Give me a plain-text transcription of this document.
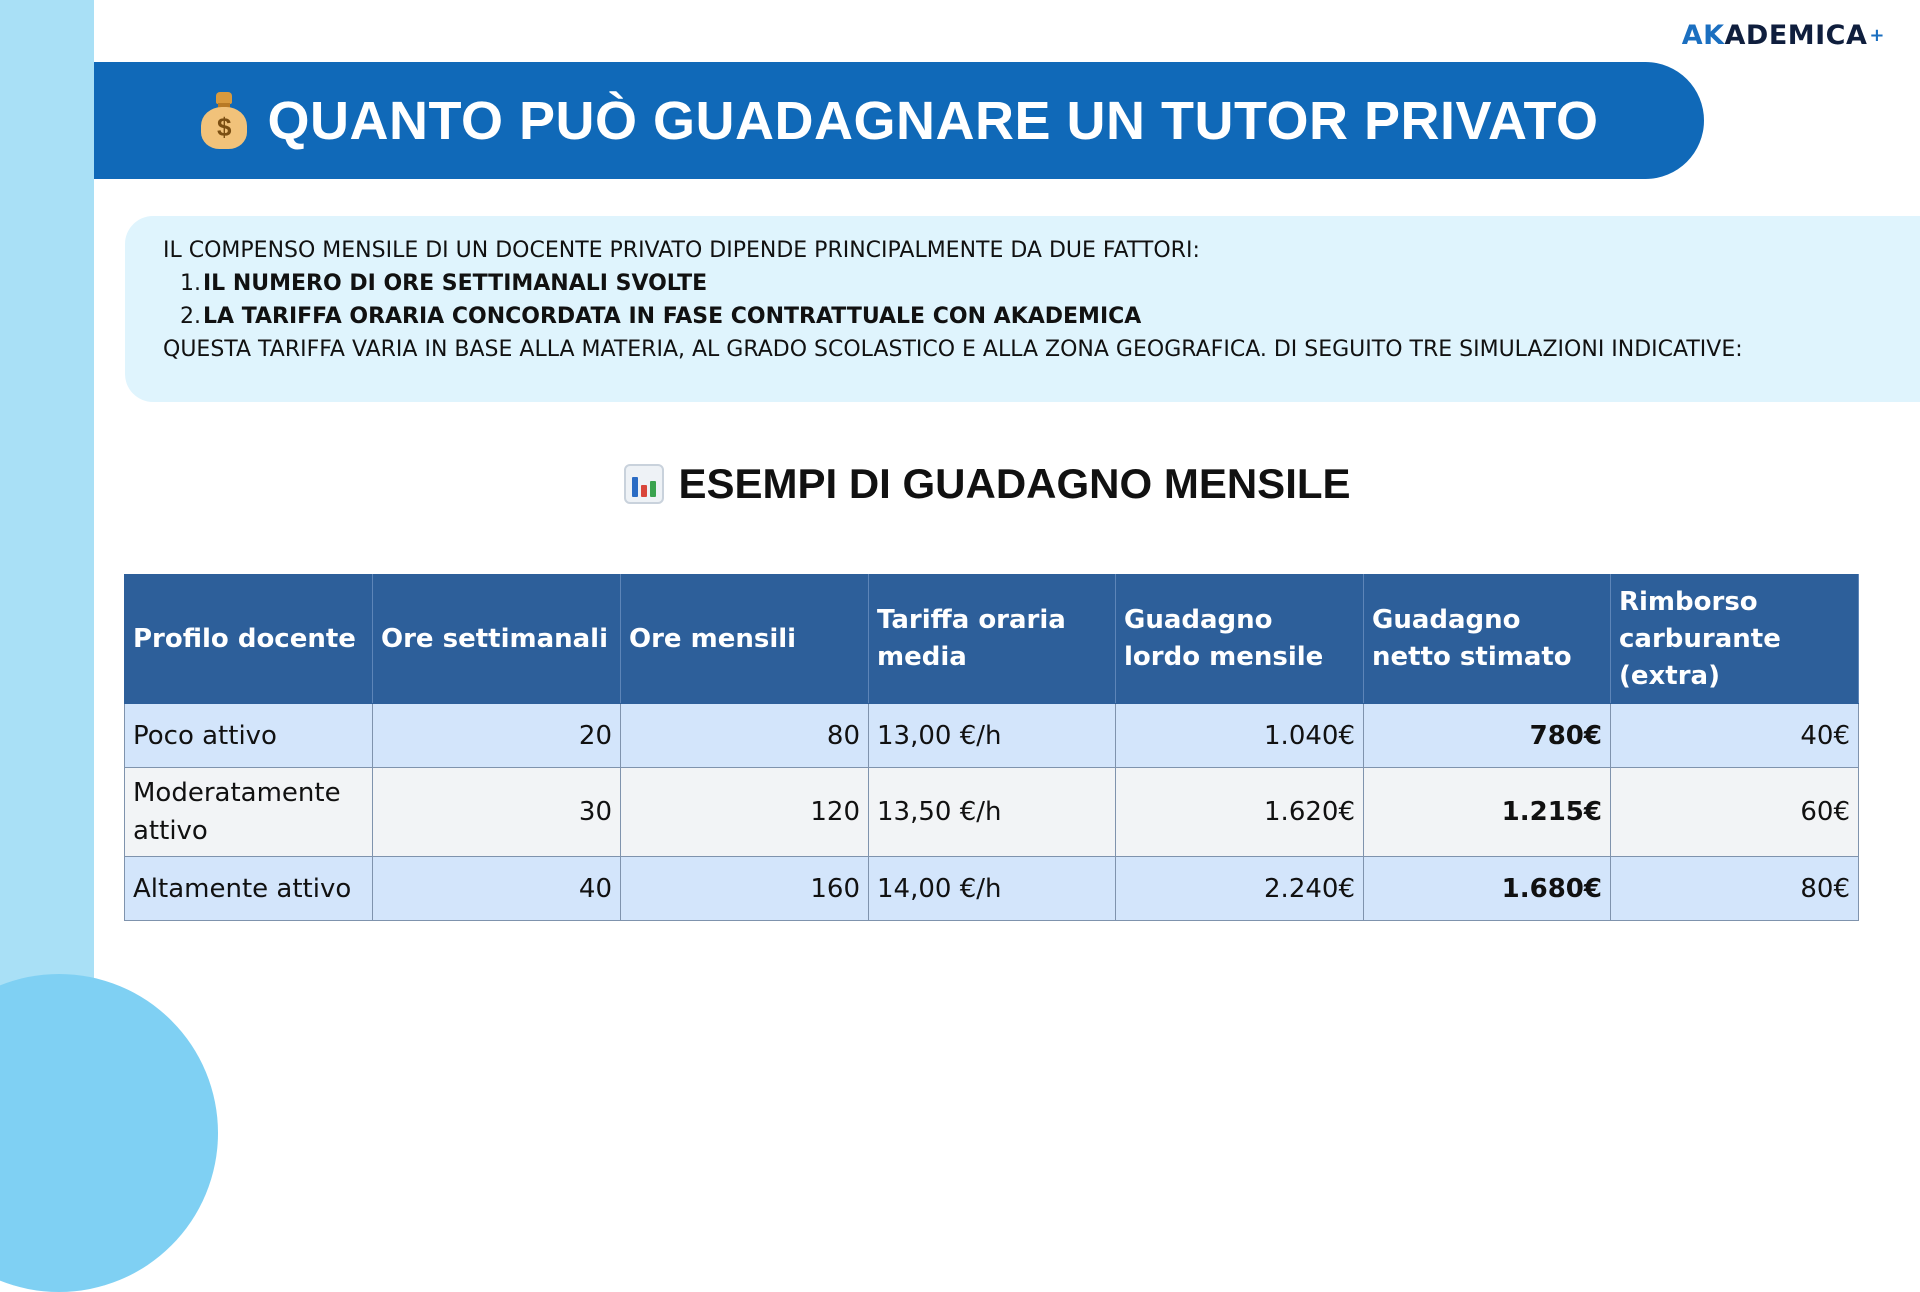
AKADEMICA +
$ QUANTO PUÒ GUADAGNARE UN TUTOR PRIVATO
IL COMPENSO MENSILE DI UN DOCENTE PRIVATO DIPENDE PRINCIPALMENTE DA DUE FATTORI:
1.IL NUMERO DI ORE SETTIMANALI SVOLTE
2.LA TARIFFA ORARIA CONCORDATA IN FASE CONTRATTUALE CON AKADEMICA
QUESTA TARIFFA VARIA IN BASE ALLA MATERIA, AL GRADO SCOLASTICO E ALLA ZONA GEOGRAFICA. DI SEGUITO TRE SIMULAZIONI INDICATIVE:
ESEMPI DI GUADAGNO MENSILE
Profilo docente	Ore settimanali	Ore mensili	Tariffa oraria media	Guadagno lordo mensile	Guadagno netto stimato	Rimborso carburante (extra)
Poco attivo	20	80	13,00 €/h	1.040€	780€	40€
Moderatamente attivo	30	120	13,50 €/h	1.620€	1.215€	60€
Altamente attivo	40	160	14,00 €/h	2.240€	1.680€	80€
